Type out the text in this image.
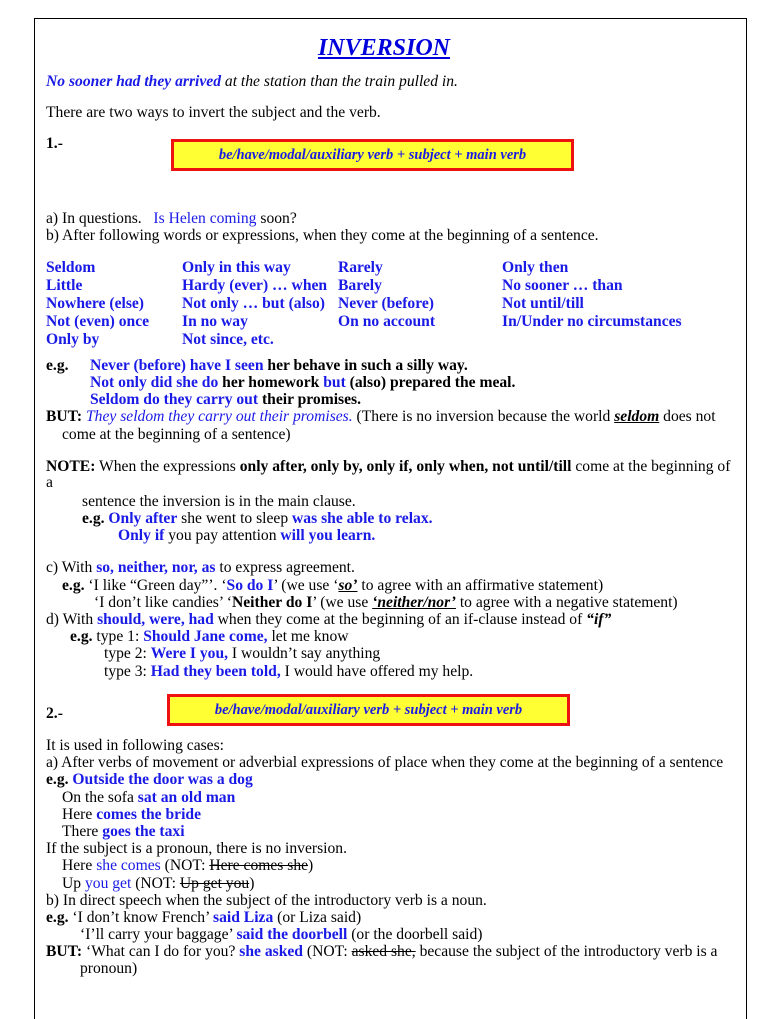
INVERSION
No sooner had they arrived at the station than the train pulled in.
There are two ways to invert the subject and the verb.
1.-
be/have/modal/auxiliary verb + subject + main verb
a) In questions.   Is Helen coming soon?
b) After following words or expressions, when they come at the beginning of a sentence.
Seldom
Little
Nowhere (else)
Not (even) once
Only by
Only in this way
Hardy (ever) … when
Not only … but (also)
In no way
Not since, etc.
Rarely
Barely
Never (before)
On no account
Only then
No sooner … than
Not until/till
In/Under no circumstances
e.g. Never (before) have I seen her behave in such a silly way.
Not only did she do her homework but (also) prepared the meal.
Seldom do they carry out their promises.
BUT: They seldom they carry out their promises. (There is no inversion because the world seldom does not
come at the beginning of a sentence)
NOTE: When the expressions only after, only by, only if, only when, not until/till come at the beginning of
a
sentence the inversion is in the main clause.
e.g. Only after she went to sleep was she able to relax.
Only if you pay attention will you learn.
c) With so, neither, nor, as to express agreement.
e.g. ‘I like “Green day”’. ‘So do I’ (we use ‘so’ to agree with an affirmative statement)
‘I don’t like candies’ ‘Neither do I’ (we use ‘neither/nor’ to agree with a negative statement)
d) With should, were, had when they come at the beginning of an if-clause instead of “if”
e.g. type 1: Should Jane come, let me know
type 2: Were I you, I wouldn’t say anything
type 3: Had they been told, I would have offered my help.
2.-	be/have/modal/auxiliary verb + subject + main verb
It is used in following cases:
a) After verbs of movement or adverbial expressions of place when they come at the beginning of a sentence
e.g. Outside the door was a dog
On the sofa sat an old man
Here comes the bride
There goes the taxi
If the subject is a pronoun, there is no inversion.
Here she comes (NOT: Here comes she)
Up you get (NOT: Up get you)
b) In direct speech when the subject of the introductory verb is a noun.
e.g. ‘I don’t know French’ said Liza (or Liza said)
‘I’ll carry your baggage’ said the doorbell (or the doorbell said)
BUT: ‘What can I do for you? she asked (NOT: asked she, because the subject of the introductory verb is a
pronoun)
